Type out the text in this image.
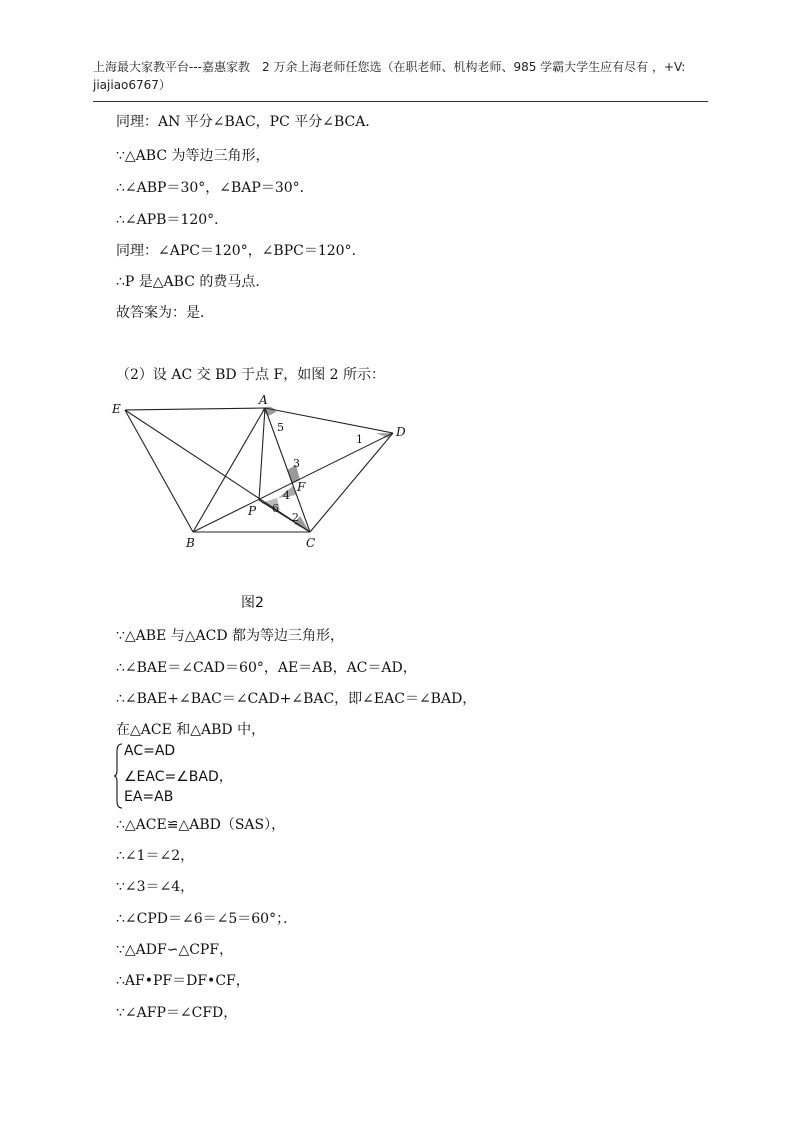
上海最大家教平台---嘉惠家教　2 万余上海老师任您选（在职老师、机构老师、985 学霸大学生应有尽有 ，+V: jiajiao6767）
同理：AN 平分∠BAC，PC 平分∠BCA．
∵△ABC 为等边三角形，
∴∠ABP＝30°，∠BAP＝30°．
∴∠APB＝120°．
同理：∠APC＝120°，∠BPC＝120°．
∴P 是△ABC 的费马点．
故答案为：是．
（2）设 AC 交 BD 于点 F，如图 2 所示：
E
A
D
B	C
P
F
5
1
3
4
6
2
图2
∵△ABE 与△ACD 都为等边三角形，
∴∠BAE＝∠CAD＝60°，AE＝AB，AC＝AD，
∴∠BAE+∠BAC＝∠CAD+∠BAC，即∠EAC＝∠BAD，
在△ACE 和△ABD 中，
AC=AD
∠EAC=∠BAD，
EA=AB
∴△ACE≌△ABD（SAS），
∴∠1＝∠2，
∵∠3＝∠4，
∴∠CPD＝∠6＝∠5＝60°；．
∵△ADF∽△CPF，
∴AF•PF＝DF•CF，
∵∠AFP＝∠CFD，
